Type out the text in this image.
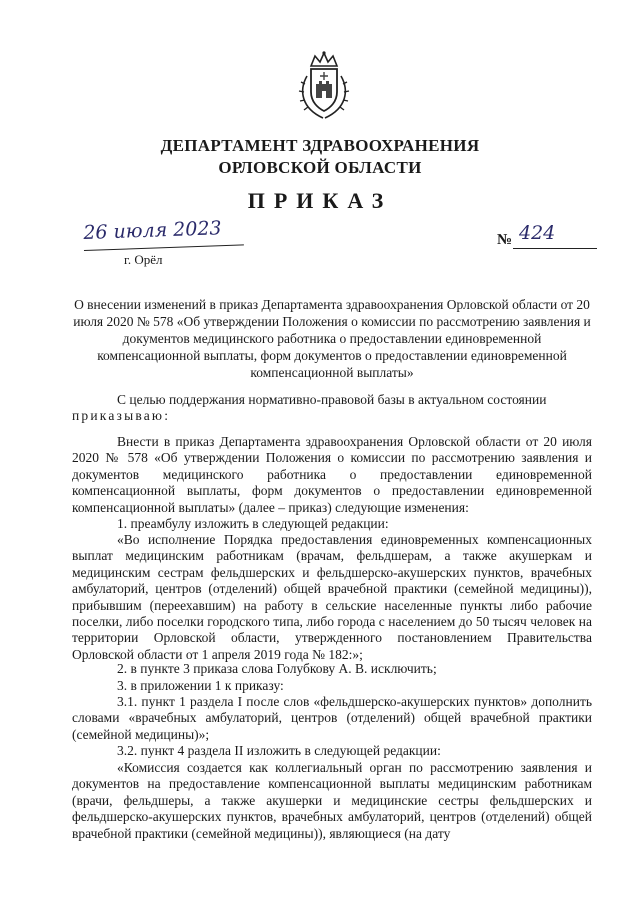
ДЕПАРТАМЕНТ ЗДРАВООХРАНЕНИЯ
ОРЛОВСКОЙ ОБЛАСТИ
ПРИКАЗ
26 июля 2023	№ 424
г. Орёл
О внесении изменений в приказ Департамента здравоохранения Орловской области от 20 июля 2020 № 578 «Об утверждении Положения о комиссии по рассмотрению заявления и документов медицинского работника о предоставлении единовременной компенсационной выплаты, форм документов о предоставлении единовременной компенсационной выплаты»
С целью поддержания нормативно-правовой базы в актуальном состоянии
приказываю:
Внести в приказ Департамента здравоохранения Орловской области от 20 июля 2020 № 578 «Об утверждении Положения о комиссии по рассмотрению заявления и документов медицинского работника о предоставлении единовременной компенсационной выплаты, форм документов о предоставлении единовременной компенсационной выплаты» (далее – приказ) следующие изменения:
1. преамбулу изложить в следующей редакции:
«Во исполнение Порядка предоставления единовременных компенсационных выплат медицинским работникам (врачам, фельдшерам, а также акушеркам и медицинским сестрам фельдшерских и фельдшерско-акушерских пунктов, врачебных амбулаторий, центров (отделений) общей врачебной практики (семейной медицины)), прибывшим (переехавшим) на работу в сельские населенные пункты либо рабочие поселки, либо поселки городского типа, либо города с населением до 50 тысяч человек на территории Орловской области, утвержденного постановлением Правительства Орловской области от 1 апреля 2019 года № 182:»;
2. в пункте 3 приказа слова Голубкову А. В. исключить;
3. в приложении 1 к приказу:
3.1. пункт 1 раздела I после слов «фельдшерско-акушерских пунктов» дополнить словами «врачебных амбулаторий, центров (отделений) общей врачебной практики (семейной медицины)»;
3.2. пункт 4 раздела II изложить в следующей редакции:
«Комиссия создается как коллегиальный орган по рассмотрению заявления и документов на предоставление компенсационной выплаты медицинским работникам (врачи, фельдшеры, а также акушерки и медицинские сестры фельдшерских и фельдшерско-акушерских пунктов, врачебных амбулаторий, центров (отделений) общей врачебной практики (семейной медицины)), являющиеся (на дату
